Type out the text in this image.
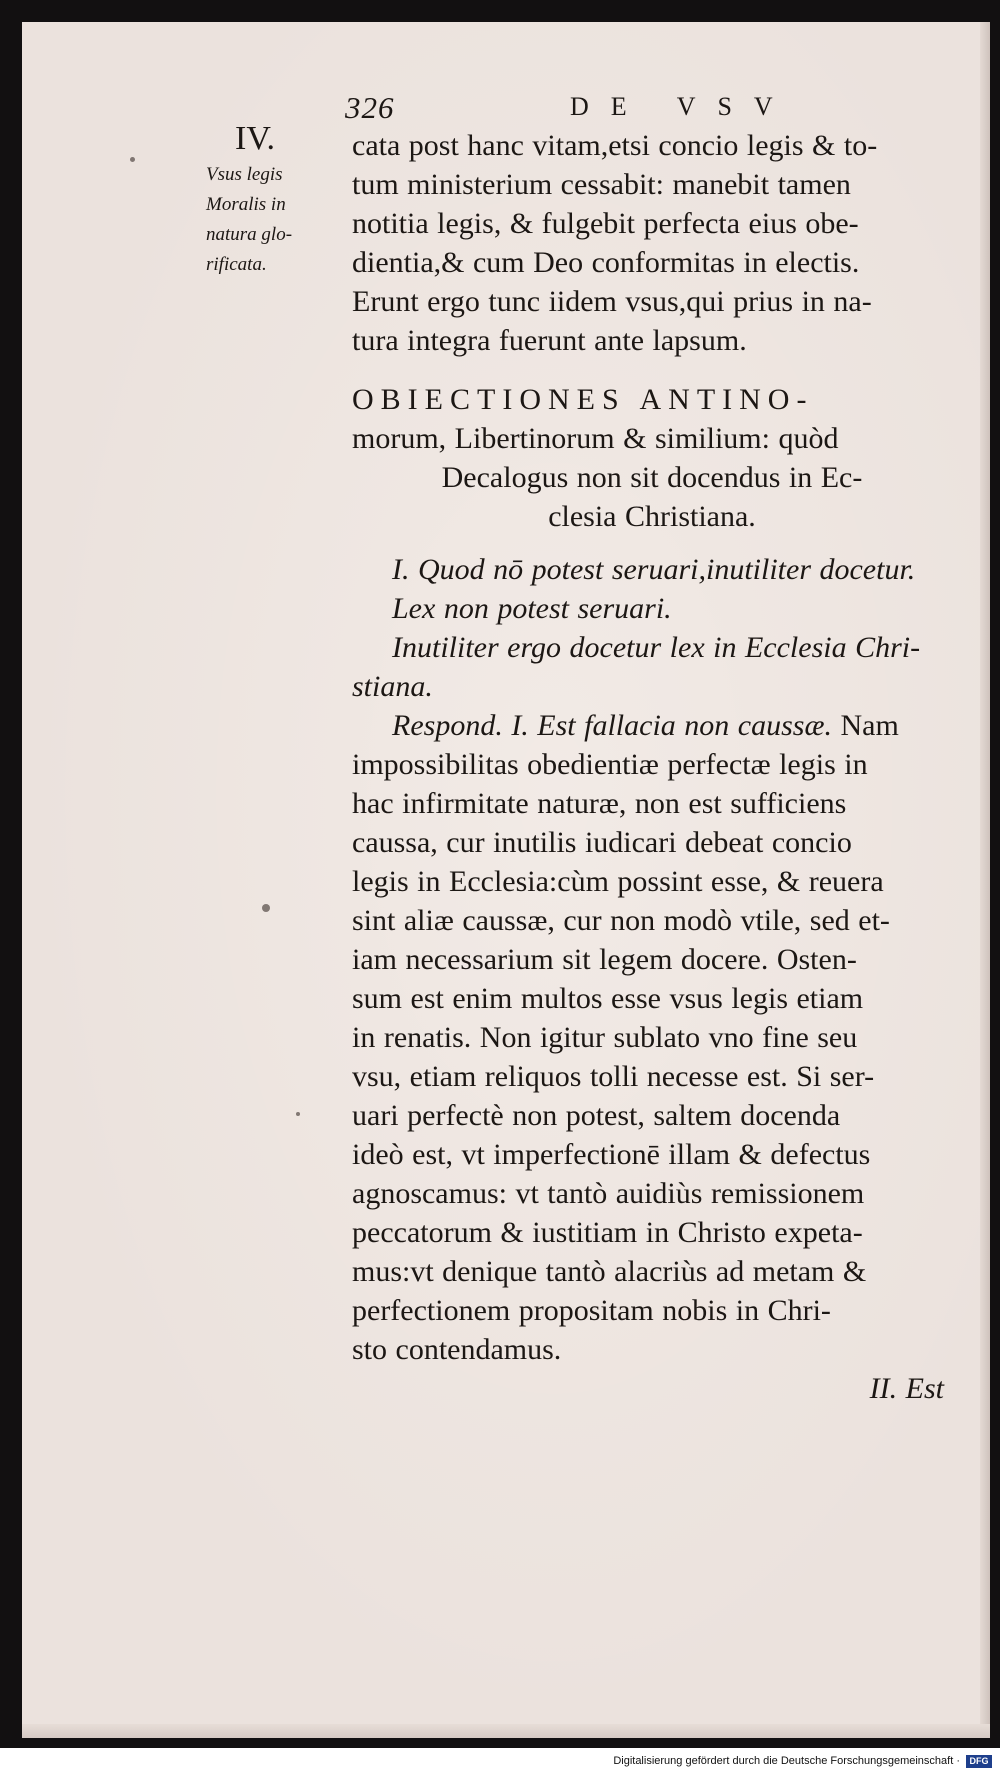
326	DE VSV
IV.
Vsus legis
Moralis in
natura glo-
rificata.
cata post hanc vitam,etsi concio legis & to-
tum ministerium cessabit: manebit tamen
notitia legis, & fulgebit perfecta eius obe-
dientia,& cum Deo conformitas in electis.
Erunt ergo tunc iidem vsus,qui prius in na-
tura integra fuerunt ante lapsum.
OBIECTIONES ANTINO-
morum, Libertinorum & similium: quòd
Decalogus non sit docendus in Ec-
clesia Christiana.
I. Quod nō potest seruari,inutiliter docetur.
Lex non potest seruari.
Inutiliter ergo docetur lex in Ecclesia Chri-
stiana.
Respond. I. Est fallacia non caussæ. Nam
impossibilitas obedientiæ perfectæ legis in
hac infirmitate naturæ, non est sufficiens
caussa, cur inutilis iudicari debeat concio
legis in Ecclesia:cùm possint esse, & reuera
sint aliæ caussæ, cur non modò vtile, sed et-
iam necessarium sit legem docere. Osten-
sum est enim multos esse vsus legis etiam
in renatis. Non igitur sublato vno fine seu
vsu, etiam reliquos tolli necesse est. Si ser-
uari perfectè non potest, saltem docenda
ideò est, vt imperfectionē illam & defectus
agnoscamus: vt tantò auidiùs remissionem
peccatorum & iustitiam in Christo expeta-
mus:vt denique tantò alacriùs ad metam &
perfectionem propositam nobis in Chri-
sto contendamus.
II. Est
Digitalisierung gefördert durch die Deutsche Forschungsgemeinschaft ·	DFG
